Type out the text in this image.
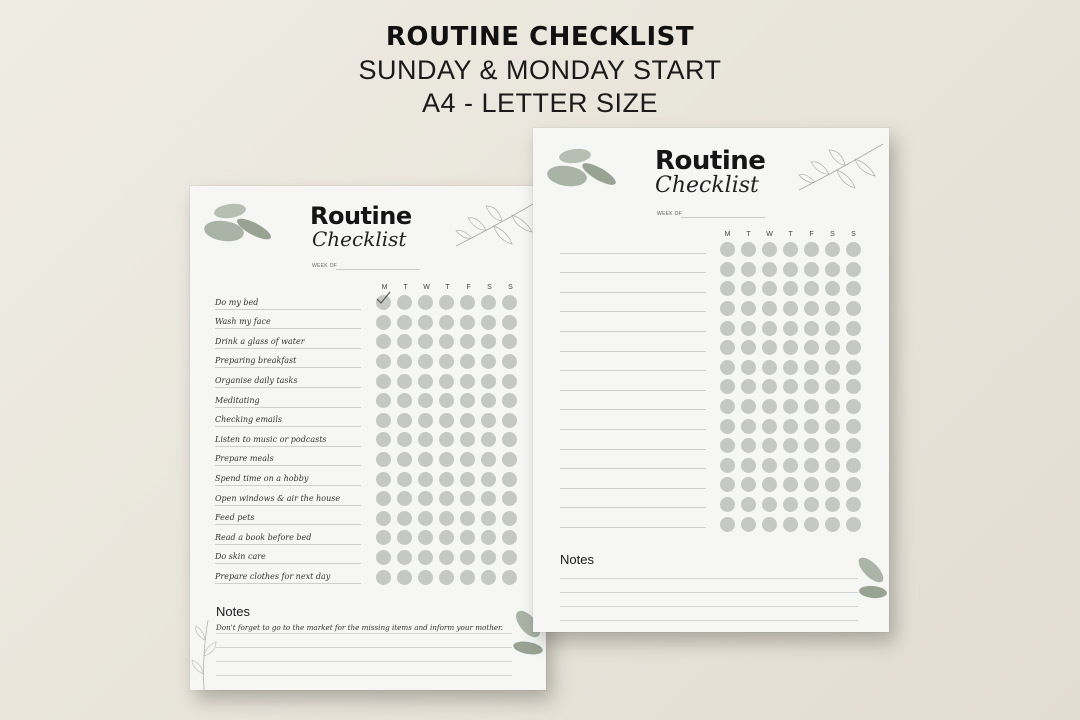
ROUTINE CHECKLIST
SUNDAY & MONDAY START
A4 - LETTER SIZE
Routine
Checklist
WEEK OF
M	T	W	T	F	S	S
Do my bed
Wash my face
Drink a glass of water
Preparing breakfast
Organise daily tasks
Meditating
Checking emails
Listen to music or podcasts
Prepare meals
Spend time on a hobby
Open windows & air the house
Feed pets
Read a book before bed
Do skin care
Prepare clothes for next day
Notes
Don't forget to go to the market for the missing items and inform your mother.
Routine
Checklist
WEEK OF
M	T	W	T	F	S	S
Notes
